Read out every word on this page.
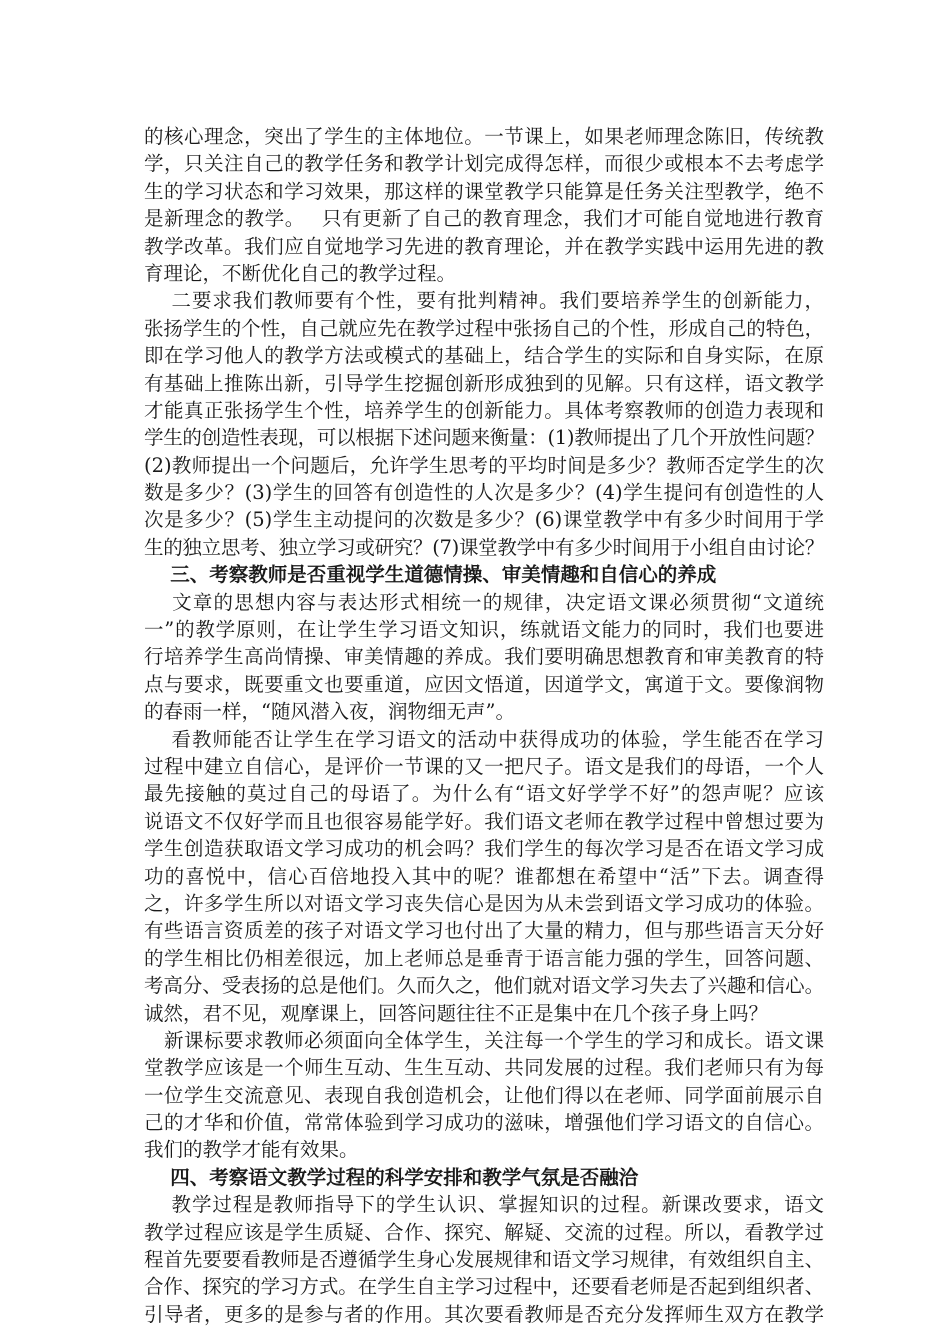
的核心理念，突出了学生的主体地位。一节课上，如果老师理念陈旧，传统教
学，只关注自己的教学任务和教学计划完成得怎样，而很少或根本不去考虑学
生的学习状态和学习效果，那这样的课堂教学只能算是任务关注型教学，绝不
是新理念的教学。　 只有更新了自己的教育理念，我们才可能自觉地进行教育
教学改革。我们应自觉地学习先进的教育理论，并在教学实践中运用先进的教
育理论，不断优化自己的教学过程。
　 二要求我们教师要有个性，要有批判精神。我们要培养学生的创新能力，
张扬学生的个性，自己就应先在教学过程中张扬自己的个性，形成自己的特色，
即在学习他人的教学方法或模式的基础上，结合学生的实际和自身实际，在原
有基础上推陈出新，引导学生挖掘创新形成独到的见解。只有这样，语文教学
才能真正张扬学生个性，培养学生的创新能力。具体考察教师的创造力表现和
学生的创造性表现，可以根据下述问题来衡量：(1)教师提出了几个开放性问题？
(2)教师提出一个问题后，允许学生思考的平均时间是多少？教师否定学生的次
数是多少？(3)学生的回答有创造性的人次是多少？(4)学生提问有创造性的人
次是多少？(5)学生主动提问的次数是多少？(6)课堂教学中有多少时间用于学
生的独立思考、独立学习或研究？(7)课堂教学中有多少时间用于小组自由讨论？
　 三、考察教师是否重视学生道德情操、审美情趣和自信心的养成
　 文章的思想内容与表达形式相统一的规律，决定语文课必须贯彻“文道统
一”的教学原则，在让学生学习语文知识，练就语文能力的同时，我们也要进
行培养学生高尚情操、审美情趣的养成。我们要明确思想教育和审美教育的特
点与要求，既要重文也要重道，应因文悟道，因道学文，寓道于文。要像润物
的春雨一样，“随风潜入夜，润物细无声”。
　 看教师能否让学生在学习语文的活动中获得成功的体验，学生能否在学习
过程中建立自信心，是评价一节课的又一把尺子。语文是我们的母语，一个人
最先接触的莫过自己的母语了。为什么有“语文好学学不好”的怨声呢？应该
说语文不仅好学而且也很容易能学好。我们语文老师在教学过程中曾想过要为
学生创造获取语文学习成功的机会吗？我们学生的每次学习是否在语文学习成
功的喜悦中，信心百倍地投入其中的呢？谁都想在希望中“活”下去。调查得
之，许多学生所以对语文学习丧失信心是因为从未尝到语文学习成功的体验。
有些语言资质差的孩子对语文学习也付出了大量的精力，但与那些语言天分好
的学生相比仍相差很远，加上老师总是垂青于语言能力强的学生，回答问题、
考高分、受表扬的总是他们。久而久之，他们就对语文学习失去了兴趣和信心。
诚然，君不见，观摩课上，回答问题往往不正是集中在几个孩子身上吗？
　新课标要求教师必须面向全体学生，关注每一个学生的学习和成长。语文课
堂教学应该是一个师生互动、生生互动、共同发展的过程。我们老师只有为每
一位学生交流意见、表现自我创造机会，让他们得以在老师、同学面前展示自
己的才华和价值，常常体验到学习成功的滋味，增强他们学习语文的自信心。
我们的教学才能有效果。
　 四、考察语文教学过程的科学安排和教学气氛是否融洽
　 教学过程是教师指导下的学生认识、掌握知识的过程。新课改要求，语文
教学过程应该是学生质疑、合作、探究、解疑、交流的过程。所以，看教学过
程首先要要看教师是否遵循学生身心发展规律和语文学习规律，有效组织自主、
合作、探究的学习方式。在学生自主学习过程中，还要看老师是否起到组织者、
引导者，更多的是参与者的作用。其次要看教师是否充分发挥师生双方在教学
